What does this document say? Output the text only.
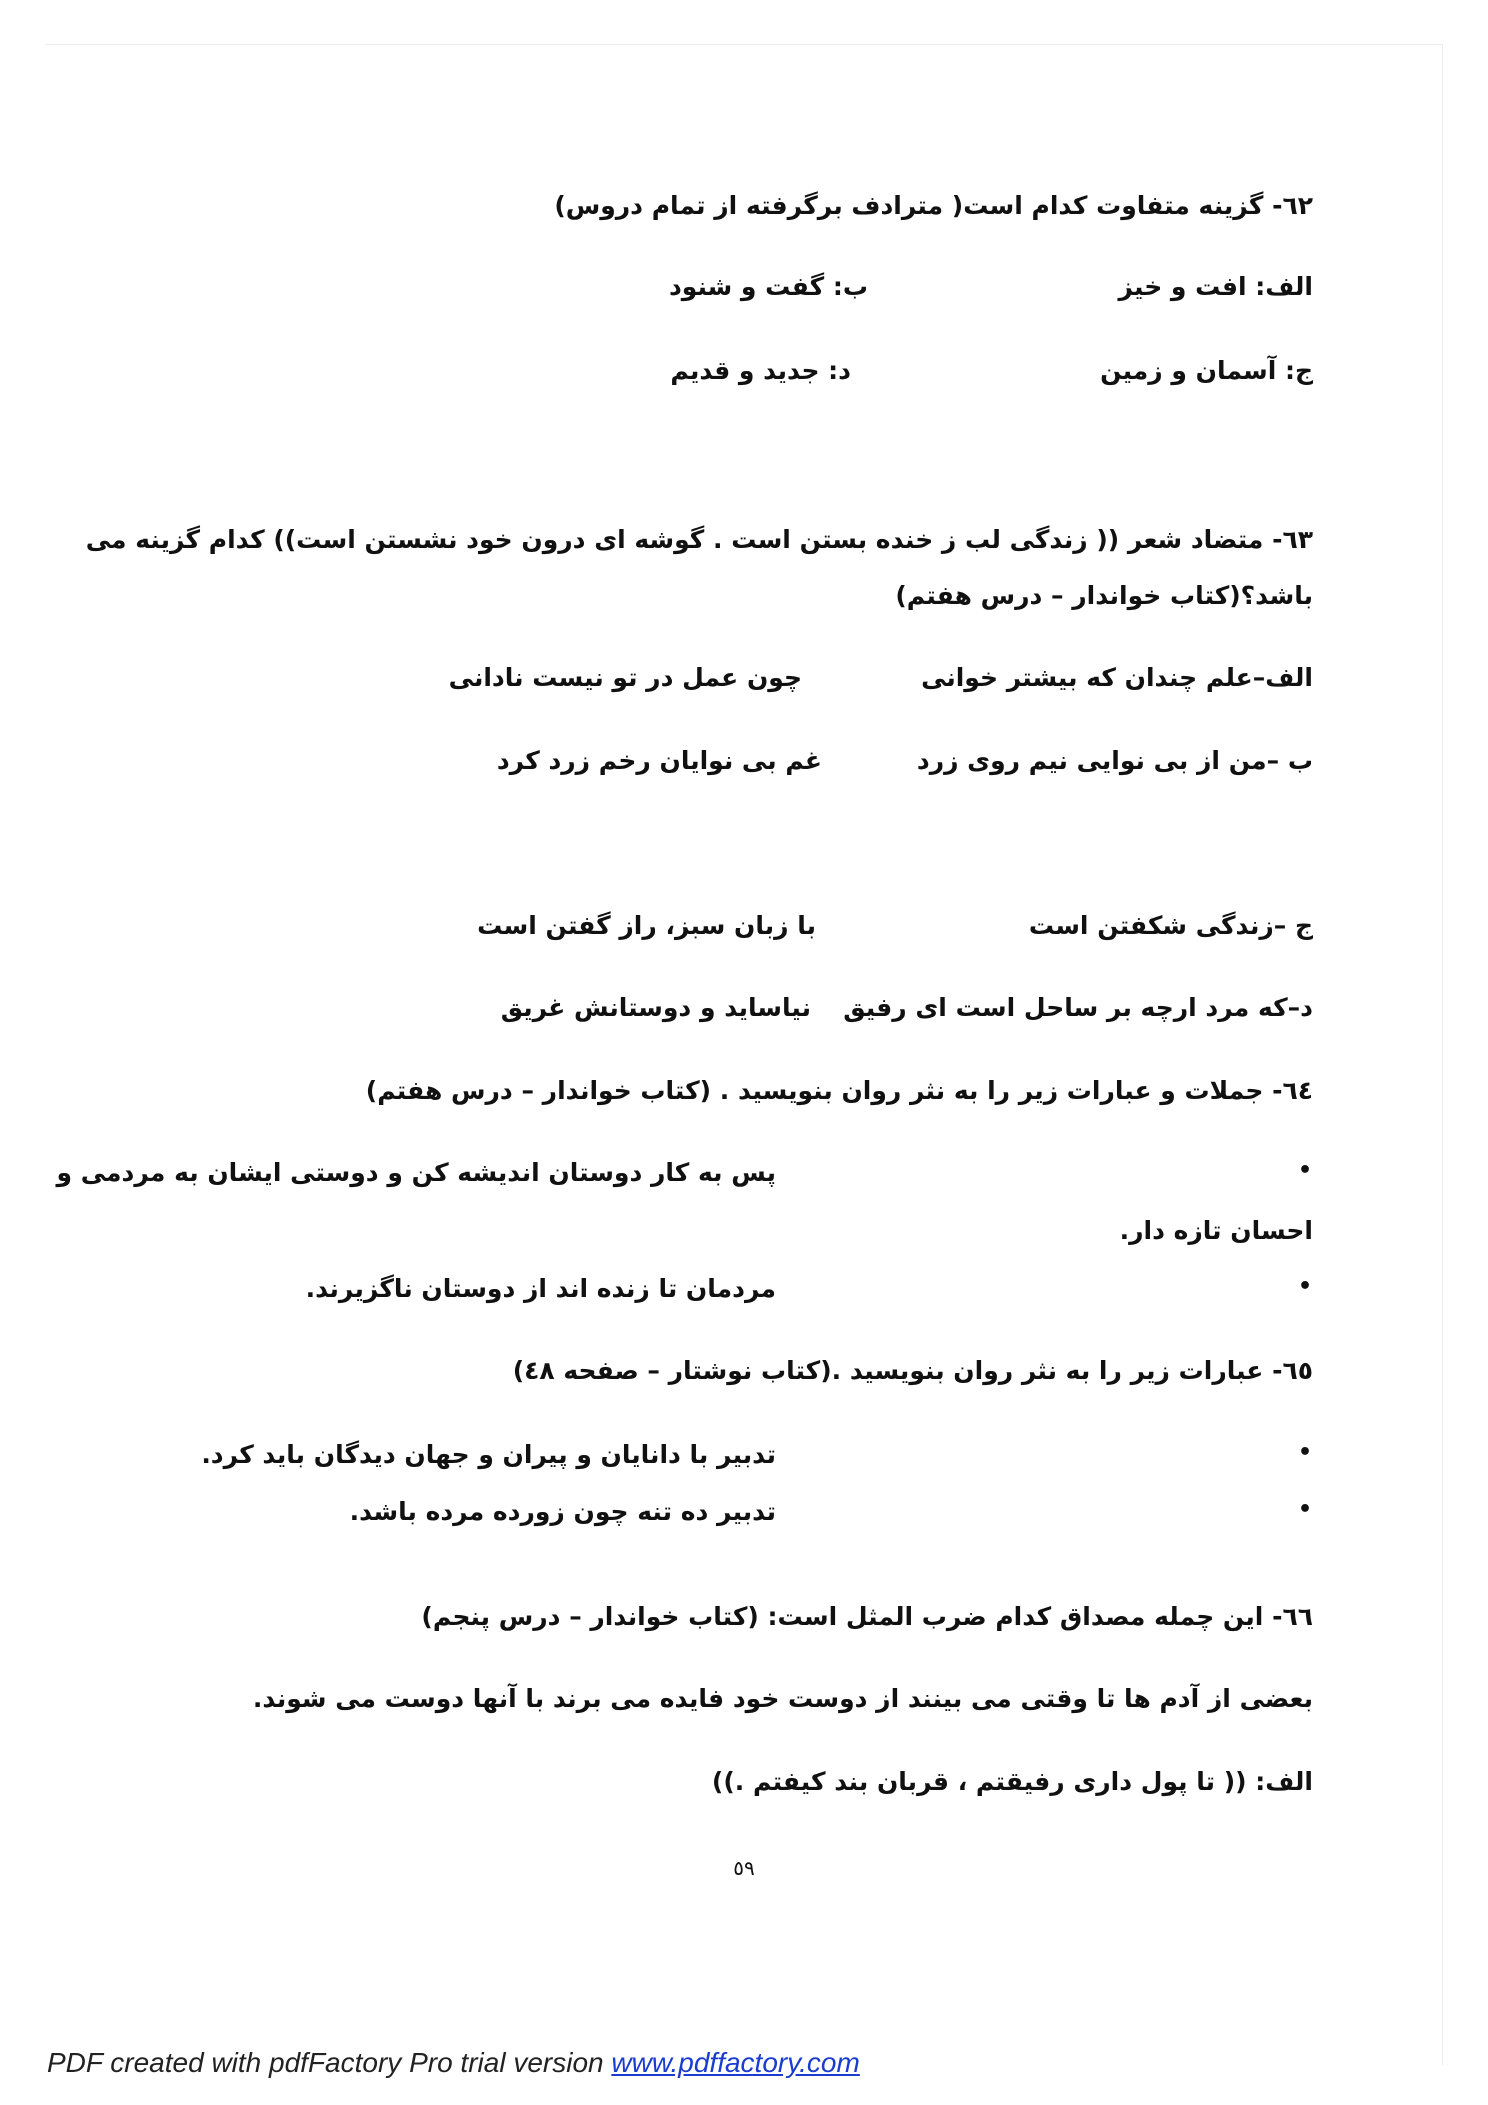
٦٢- گزینه متفاوت کدام است( مترادف برگرفته از تمام دروس)
الف: افت و خیز
ب: گفت و شنود
ج: آسمان و زمین
د: جدید و قدیم
٦٣- متضاد شعر (( زندگی لب ز خنده بستن است . گوشه ای درون خود نشستن است)) کدام گزینه می
باشد؟(کتاب خواندار – درس هفتم)
الف–علم چندان که بیشتر خوانی
چون عمل در تو نیست نادانی
ب –من از بی نوایی نیم روی زرد
غم بی نوایان رخم زرد کرد
ج –زندگی شکفتن است
با زبان سبز، راز گفتن است
د–که مرد ارچه بر ساحل است ای رفیق
نیاساید و دوستانش غریق
٦٤- جملات و عبارات زیر را به نثر روان بنویسید . (کتاب خواندار – درس هفتم)
•
پس به کار دوستان اندیشه کن و دوستی ایشان به مردمی و
احسان تازه دار.
•
مردمان تا زنده اند از دوستان ناگزیرند.
٦٥- عبارات زیر را به نثر روان بنویسید .(کتاب نوشتار – صفحه ٤٨)
•
تدبیر با دانایان و پیران و جهان دیدگان باید کرد.
•
تدبیر ده تنه چون زورده مرده باشد.
٦٦- این چمله مصداق کدام ضرب المثل است: (کتاب خواندار – درس پنجم)
بعضی از آدم ها تا وقتی می بینند از دوست خود فایده می برند با آنها دوست می شوند.
الف: (( تا پول داری رفیقتم ، قربان بند کیفتم .))
٥٩
PDF created with pdfFactory Pro trial version www.pdffactory.com
